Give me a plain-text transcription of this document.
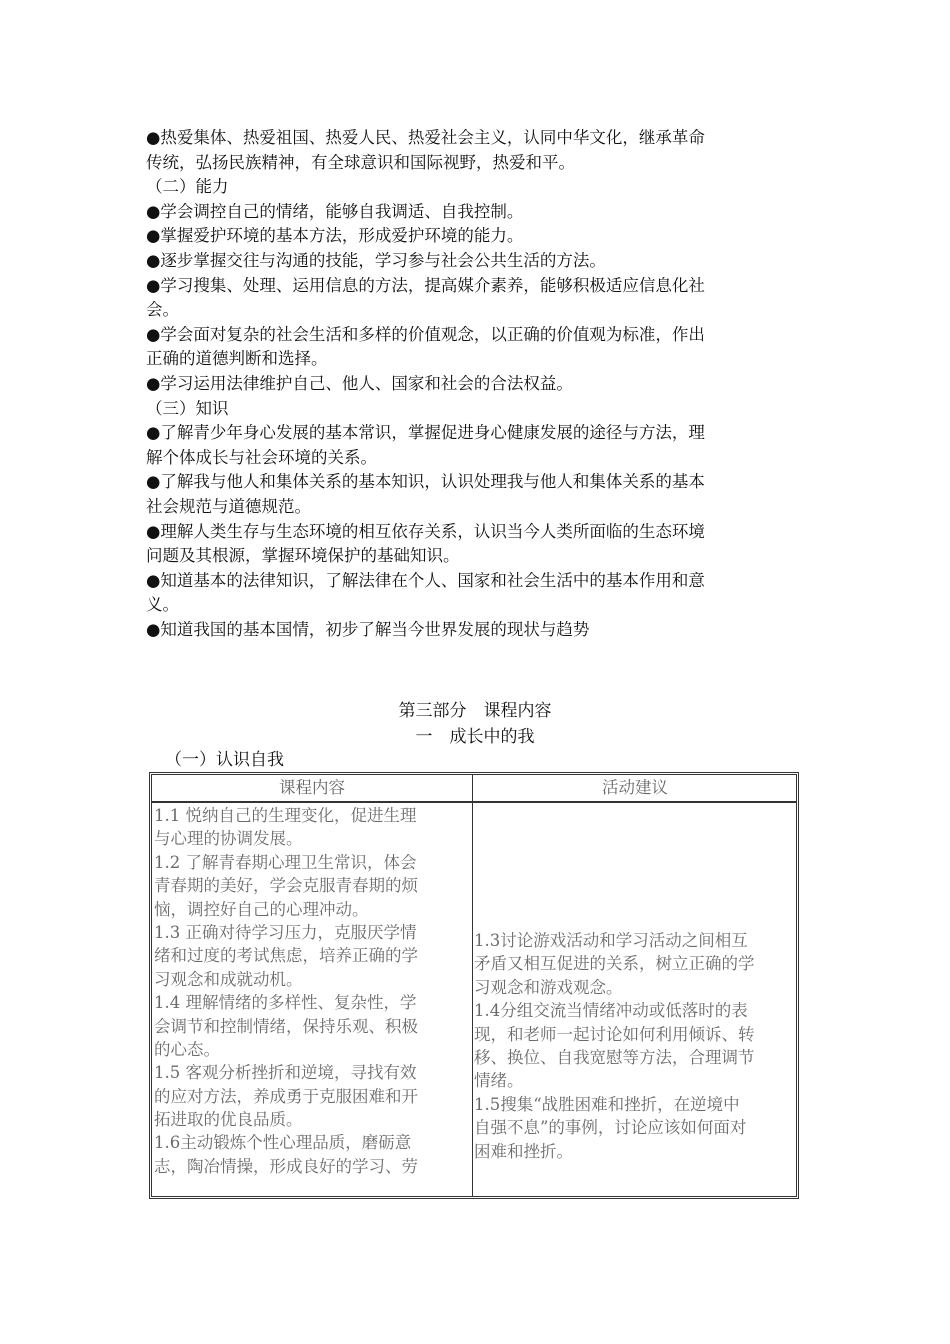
●热爱集体、热爱祖国、热爱人民、热爱社会主义，认同中华文化，继承革命
传统，弘扬民族精神，有全球意识和国际视野，热爱和平。
（二）能力
●学会调控自己的情绪，能够自我调适、自我控制。
●掌握爱护环境的基本方法，形成爱护环境的能力。
●逐步掌握交往与沟通的技能，学习参与社会公共生活的方法。
●学习搜集、处理、运用信息的方法，提高媒介素养，能够积极适应信息化社
会。
●学会面对复杂的社会生活和多样的价值观念，以正确的价值观为标准，作出
正确的道德判断和选择。
●学习运用法律维护自己、他人、国家和社会的合法权益。
（三）知识
●了解青少年身心发展的基本常识，掌握促进身心健康发展的途径与方法，理
解个体成长与社会环境的关系。
●了解我与他人和集体关系的基本知识，认识处理我与他人和集体关系的基本
社会规范与道德规范。
●理解人类生存与生态环境的相互依存关系，认识当今人类所面临的生态环境
问题及其根源，掌握环境保护的基础知识。
●知道基本的法律知识，了解法律在个人、国家和社会生活中的基本作用和意
义。
●知道我国的基本国情，初步了解当今世界发展的现状与趋势
第三部分　课程内容
一　成长中的我
（一）认识自我
课程内容	活动建议
1.1 悦纳自己的生理变化，促进生理
与心理的协调发展。
1.2 了解青春期心理卫生常识，体会
青春期的美好，学会克服青春期的烦
恼，调控好自己的心理冲动。
1.3 正确对待学习压力，克服厌学情
绪和过度的考试焦虑，培养正确的学
习观念和成就动机。
1.4 理解情绪的多样性、复杂性，学
会调节和控制情绪，保持乐观、积极
的心态。
1.5 客观分析挫折和逆境，寻找有效
的应对方法，养成勇于克服困难和开
拓进取的优良品质。
1.6主动锻炼个性心理品质，磨砺意
志，陶冶情操，形成良好的学习、劳
1.3讨论游戏活动和学习活动之间相互
矛盾又相互促进的关系，树立正确的学
习观念和游戏观念。
1.4分组交流当情绪冲动或低落时的表
现，和老师一起讨论如何利用倾诉、转
移、换位、自我宽慰等方法，合理调节
情绪。
1.5搜集“战胜困难和挫折，在逆境中
自强不息”的事例，讨论应该如何面对
困难和挫折。
